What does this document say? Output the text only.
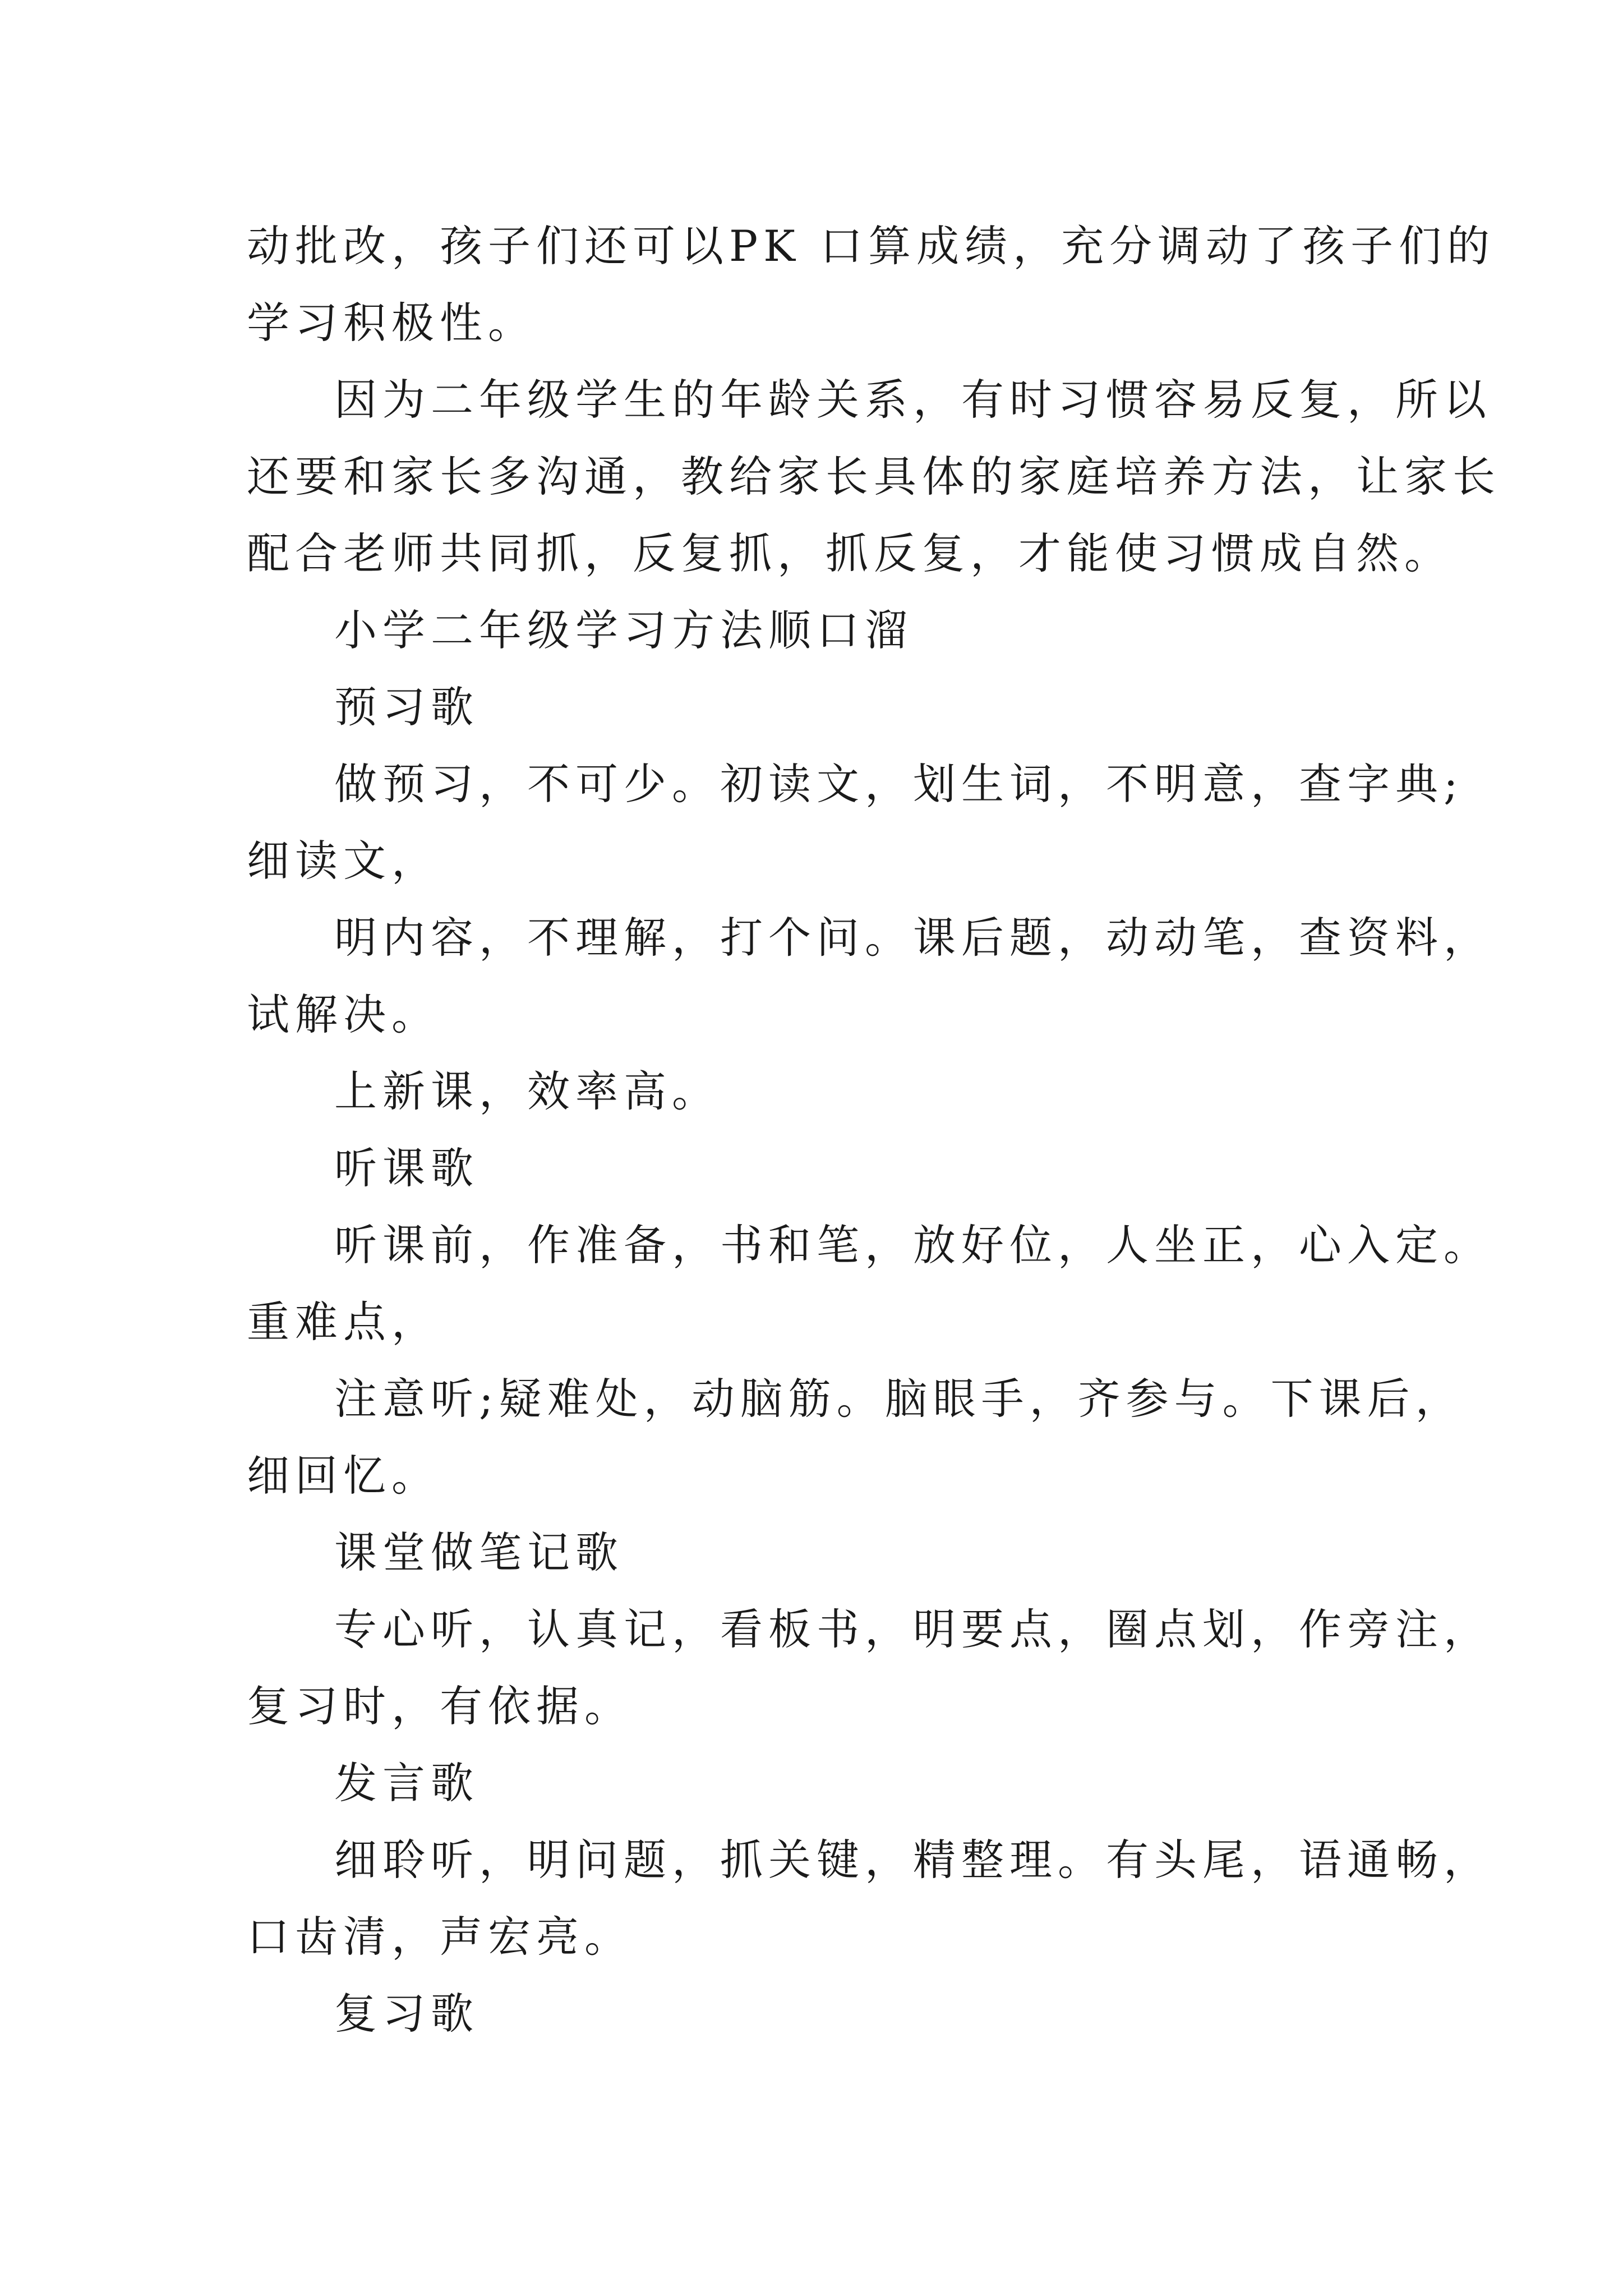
动批改，孩子们还可以PK 口算成绩，充分调动了孩子们的
学习积极性。
因为二年级学生的年龄关系，有时习惯容易反复，所以
还要和家长多沟通，教给家长具体的家庭培养方法，让家长
配合老师共同抓，反复抓，抓反复，才能使习惯成自然。
小学二年级学习方法顺口溜
预习歌
做预习，不可少。初读文，划生词，不明意，查字典;
细读文，
明内容，不理解，打个问。课后题，动动笔，查资料，
试解决。
上新课，效率高。
听课歌
听课前，作准备，书和笔，放好位，人坐正，心入定。
重难点，
注意听;疑难处，动脑筋。脑眼手，齐参与。下课后，
细回忆。
课堂做笔记歌
专心听，认真记，看板书，明要点，圈点划，作旁注，
复习时，有依据。
发言歌
细聆听，明问题，抓关键，精整理。有头尾，语通畅，
口齿清，声宏亮。
复习歌
